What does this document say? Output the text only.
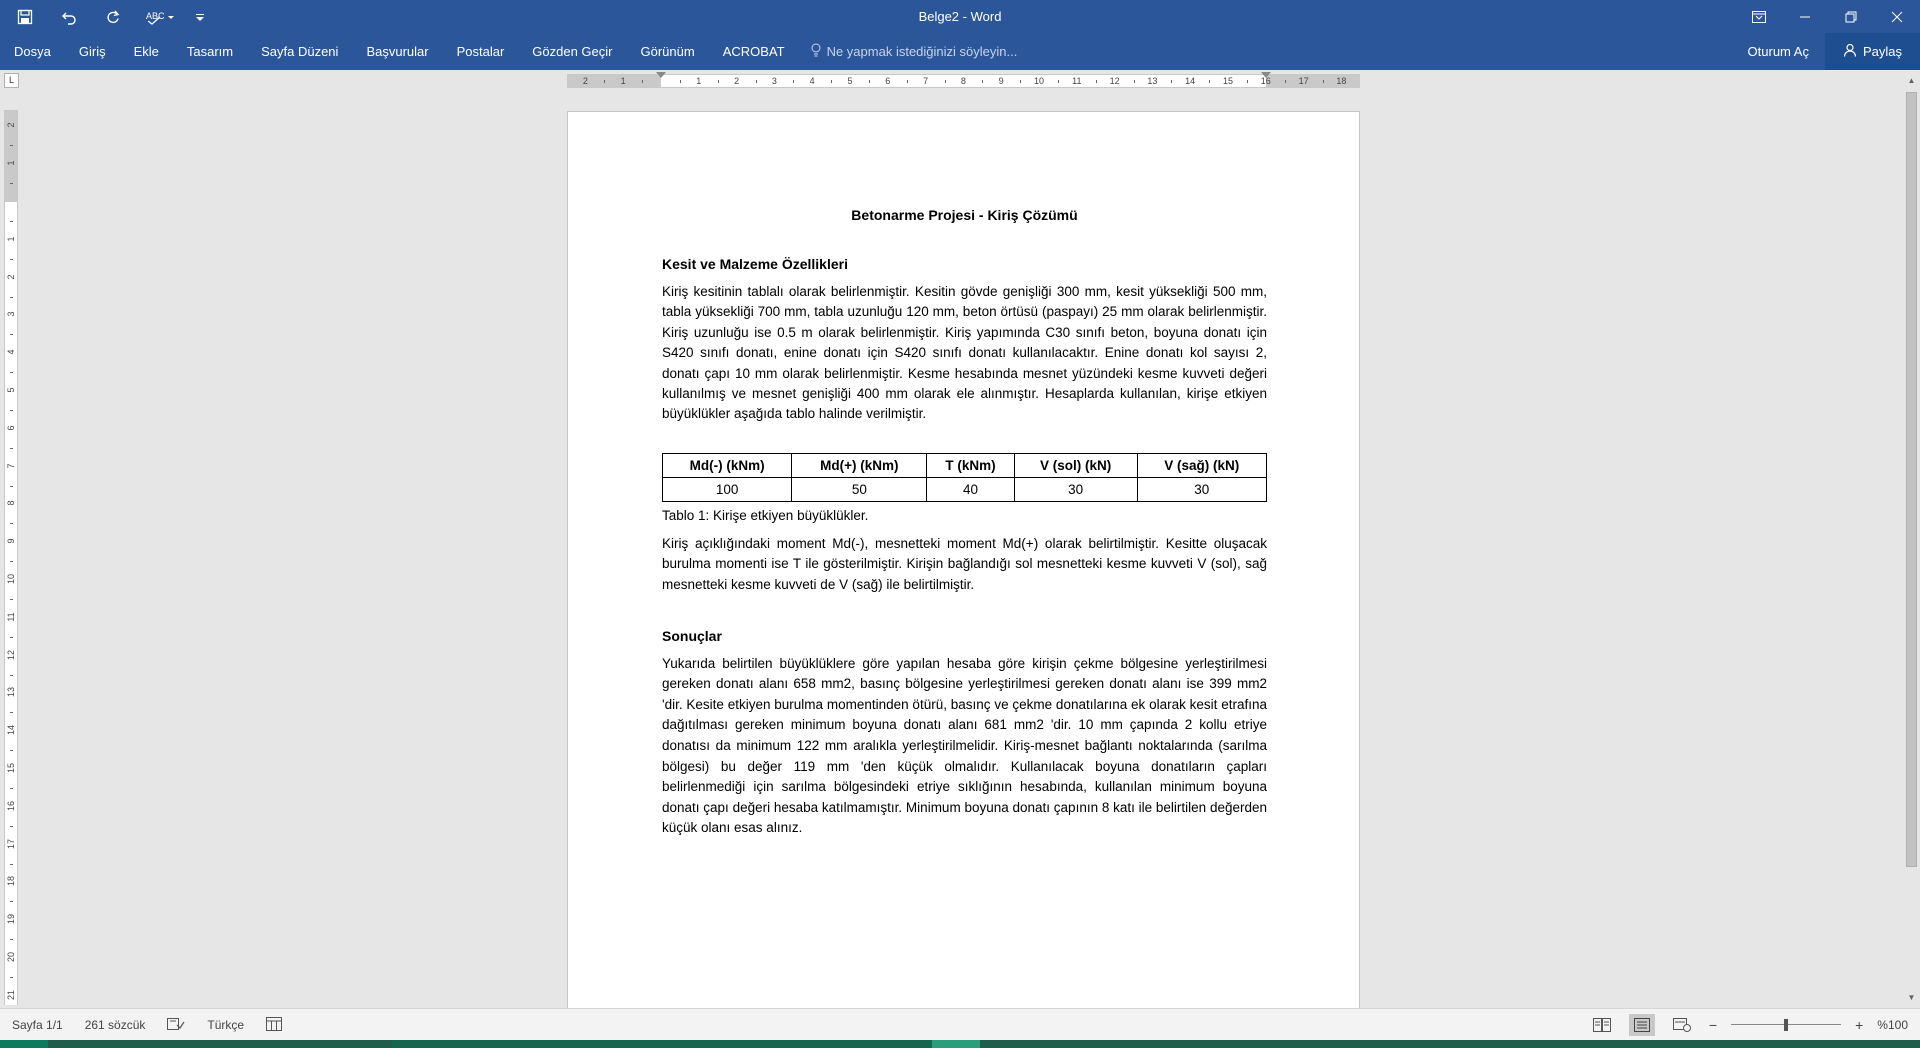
ABC	Belge2 - Word
Dosya	Giriş	Ekle	Tasarım	Sayfa Düzeni	Başvurular	Postalar	Gözden Geçir	Görünüm	ACROBAT	Ne yapmak istediğinizi söyleyin...	Oturum Aç	Paylaş
L	2	1	1	2	3	4	5	6	7	8	9	10	11	12	13	14	15	16	17	18
2
1
1
2
3
4
5
6
7
8
9
10
11
12
13
14
15
16
17
18
19
20
21
Betonarme Projesi - Kiriş Çözümü
Kesit ve Malzeme Özellikleri
Kiriş kesitinin tablalı olarak belirlenmiştir. Kesitin gövde genişliği 300 mm, kesit yüksekliği 500 mm, tabla yüksekliği 700 mm, tabla uzunluğu 120 mm, beton örtüsü (paspayı) 25 mm olarak belirlenmiştir. Kiriş uzunluğu ise 0.5 m olarak belirlenmiştir. Kiriş yapımında C30 sınıfı beton, boyuna donatı için S420 sınıfı donatı, enine donatı için S420 sınıfı donatı kullanılacaktır. Enine donatı kol sayısı 2, donatı çapı 10 mm olarak belirlenmiştir. Kesme hesabında mesnet yüzündeki kesme kuvveti değeri kullanılmış ve mesnet genişliği 400 mm olarak ele alınmıştır. Hesaplarda kullanılan, kirişe etkiyen büyüklükler aşağıda tablo halinde verilmiştir.
Md(-) (kNm)	Md(+) (kNm)	T (kNm)	V (sol) (kN)	V (sağ) (kN)
100	50	40	30	30
Tablo 1: Kirişe etkiyen büyüklükler.
Kiriş açıklığındaki moment Md(-), mesnetteki moment Md(+) olarak belirtilmiştir. Kesitte oluşacak burulma momenti ise T ile gösterilmiştir. Kirişin bağlandığı sol mesnetteki kesme kuvveti V (sol), sağ mesnetteki kesme kuvveti de V (sağ) ile belirtilmiştir.
Sonuçlar
Yukarıda belirtilen büyüklüklere göre yapılan hesaba göre kirişin çekme bölgesine yerleştirilmesi gereken donatı alanı 658 mm2, basınç bölgesine yerleştirilmesi gereken donatı alanı ise 399 mm2 'dir. Kesite etkiyen burulma momentinden ötürü, basınç ve çekme donatılarına ek olarak kesit etrafına dağıtılması gereken minimum boyuna donatı alanı 681 mm2 'dir. 10 mm çapında 2 kollu etriye donatısı da minimum 122 mm aralıkla yerleştirilmelidir. Kiriş-mesnet bağlantı noktalarında (sarılma bölgesi) bu değer 119 mm 'den küçük olmalıdır. Kullanılacak boyuna donatıların çapları belirlenmediği için sarılma bölgesindeki etriye sıklığının hesabında, kullanılan minimum boyuna donatı çapı değeri hesaba katılmamıştır. Minimum boyuna donatı çapının 8 katı ile belirtilen değerden küçük olanı esas alınız.
▲
▼
Sayfa 1/1 261 sözcük	Türkçe	−	+ %100
